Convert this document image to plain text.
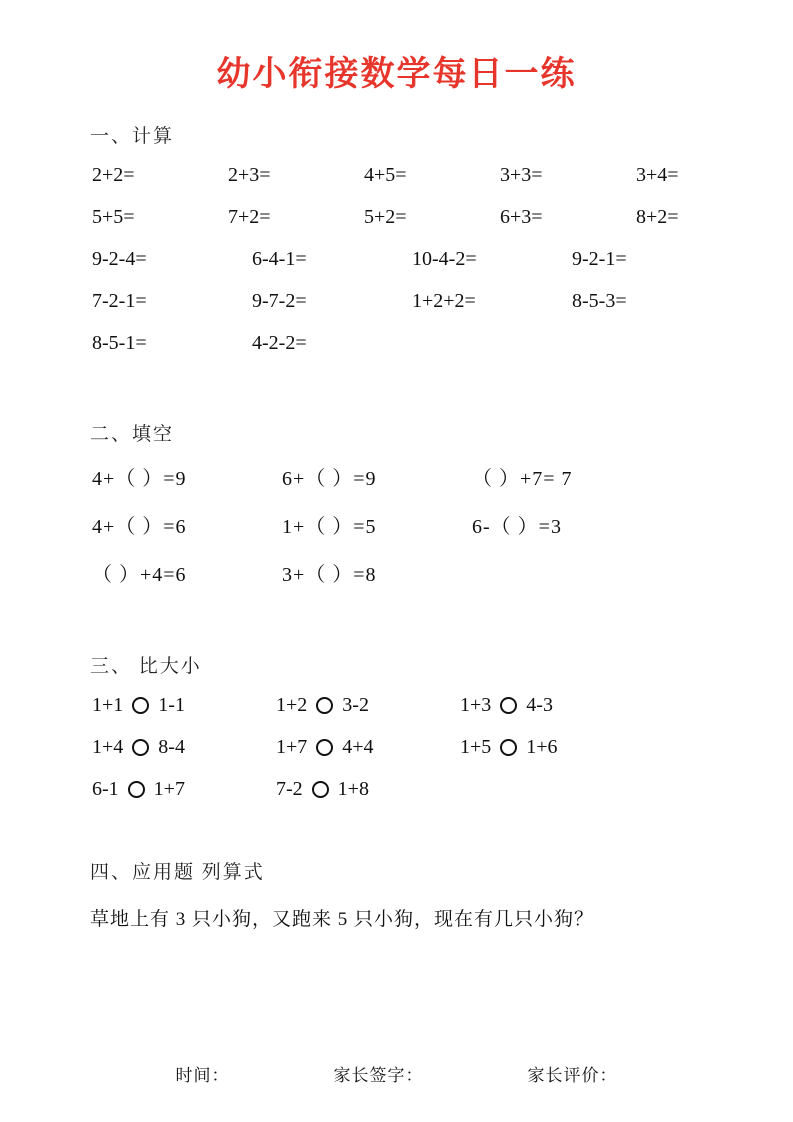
幼小衔接数学每日一练
一、计算
2+2=	2+3=	4+5=	3+3=	3+4=
5+5=	7+2=	5+2=	6+3=	8+2=
9-2-4=	6-4-1=	10-4-2=	9-2-1=
7-2-1=	9-7-2=	1+2+2=	8-5-3=
8-5-1=	4-2-2=
二、填空
4+（ ）=9	6+（ ）=9	（ ）+7= 7
4+（ ）=6	1+（ ）=5	6-（ ）=3
（ ）+4=6	3+（ ）=8
三、 比大小
1+1 1-1	1+2 3-2	1+3 4-3
1+4 8-4	1+7 4+4	1+5 1+6
6-1 1+7	7-2 1+8
四、应用题 列算式
草地上有 3 只小狗，又跑来 5 只小狗，现在有几只小狗？
时间：	家长签字：	家长评价：
